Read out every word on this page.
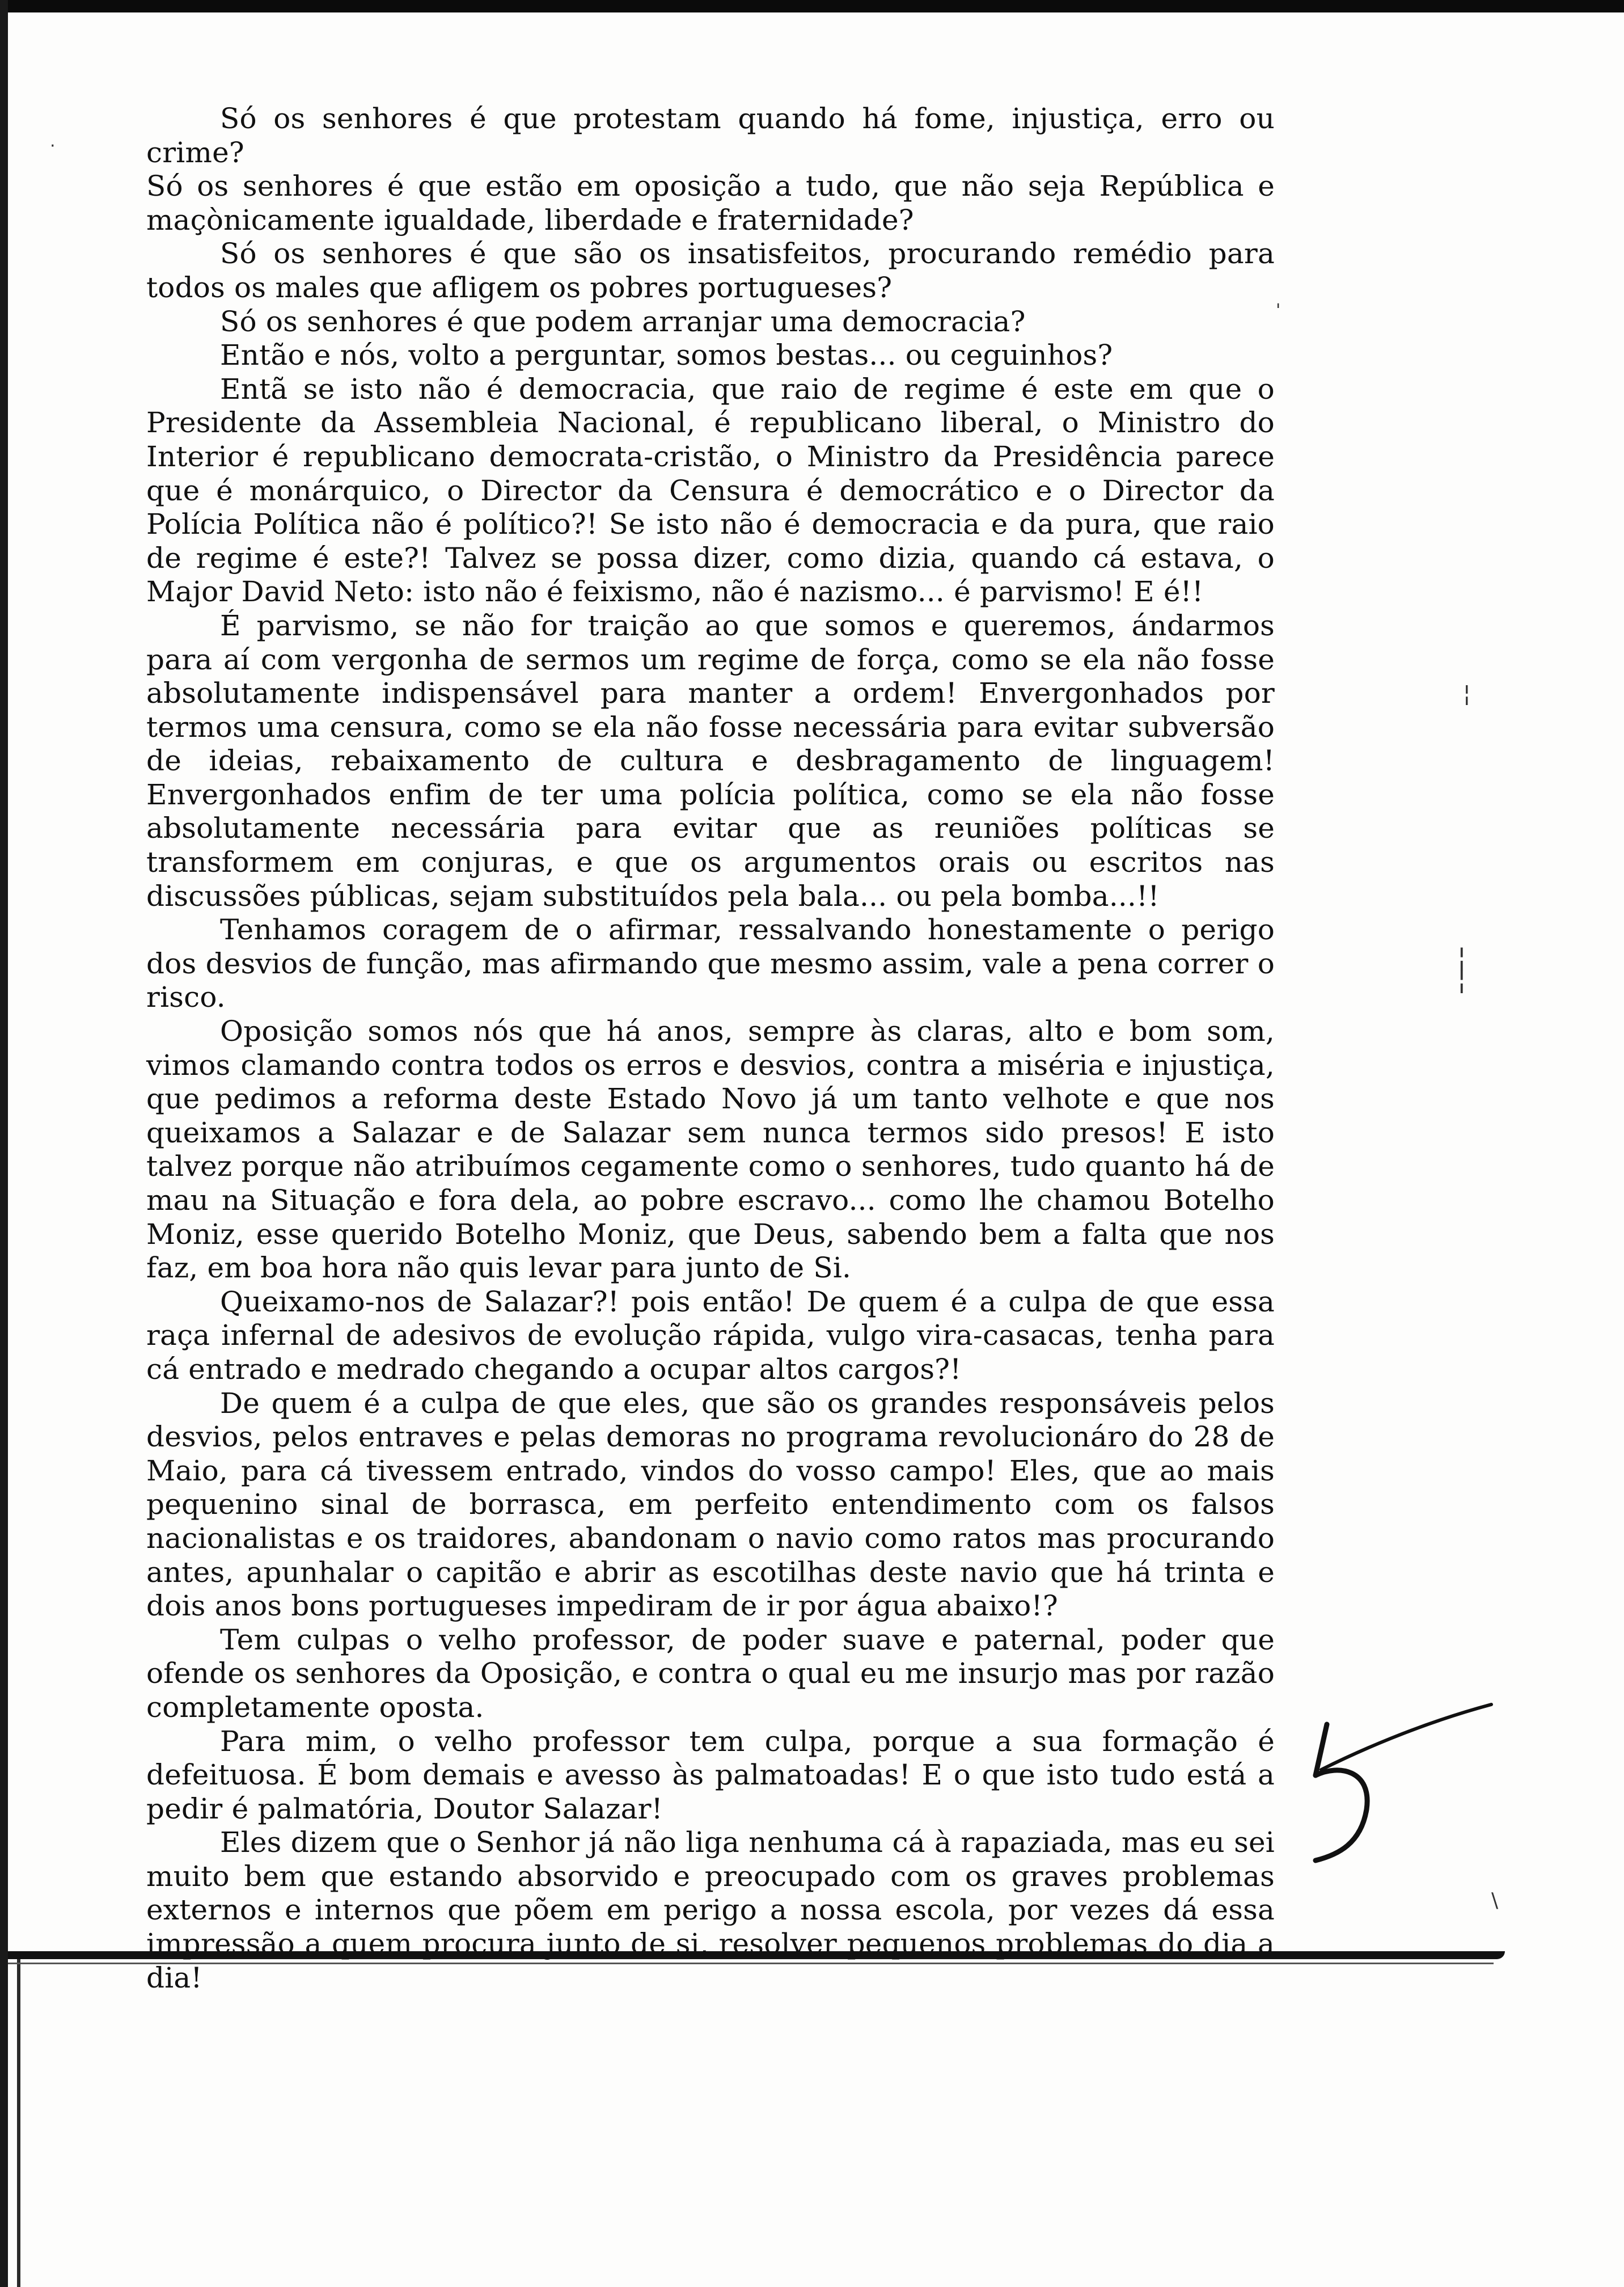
Só os senhores é que protestam quando há fome, injustiça, erro ou crime?

Só os senhores é que estão em oposição a tudo, que não seja República e maçònicamente igualdade, liberdade e fraternidade?

Só os senhores é que são os insatisfeitos, procurando remédio para todos os males que afligem os pobres portugueses?

Só os senhores é que podem arranjar uma democracia?

Então e nós, volto a perguntar, somos bestas... ou ceguinhos?

Entã se isto não é democracia, que raio de regime é este em que o Presidente da Assembleia Nacional, é republicano liberal, o Ministro do Interior é republicano democrata-cristão, o Ministro da Presidência parece que é monárquico, o Director da Censura é democrático e o Director da Polícia Política não é político?! Se isto não é democracia e da pura, que raio de regime é este?! Talvez se possa dizer, como dizia, quando cá estava, o Major David Neto: isto não é feixismo, não é nazismo... é parvismo! E é!!

É parvismo, se não for traição ao que somos e queremos, ándarmos para aí com vergonha de sermos um regime de força, como se ela não fosse absolutamente indispensável para manter a ordem! Envergonhados por termos uma censura, como se ela não fosse necessária para evitar subversão de ideias, rebaixamento de cultura e desbragamento de linguagem! Envergonhados enfim de ter uma polícia política, como se ela não fosse absolutamente necessária para evitar que as reuniões políticas se transformem em conjuras, e que os argumentos orais ou escritos nas discussões públicas, sejam substituídos pela bala... ou pela bomba...!!

Tenhamos coragem de o afirmar, ressalvando honestamente o perigo dos desvios de função, mas afirmando que mesmo assim, vale a pena correr o risco.

Oposição somos nós que há anos, sempre às claras, alto e bom som, vimos clamando contra todos os erros e desvios, contra a miséria e injustiça, que pedimos a reforma deste Estado Novo já um tanto velhote e que nos queixamos a Salazar e de Salazar sem nunca termos sido presos! E isto talvez porque não atribuímos cegamente como o senhores, tudo quanto há de mau na Situação e fora dela, ao pobre escravo... como lhe chamou Botelho Moniz, esse querido Botelho Moniz, que Deus, sabendo bem a falta que nos faz, em boa hora não quis levar para junto de Si.

Queixamo-nos de Salazar?! pois então! De quem é a culpa de que essa raça infernal de adesivos de evolução rápida, vulgo vira-casacas, tenha para cá entrado e medrado chegando a ocupar altos cargos?!

De quem é a culpa de que eles, que são os grandes responsáveis pelos desvios, pelos entraves e pelas demoras no programa revolucionáro do 28 de Maio, para cá tivessem entrado, vindos do vosso campo! Eles, que ao mais pequenino sinal de borrasca, em perfeito entendimento com os falsos nacionalistas e os traidores, abandonam o navio como ratos mas procurando antes, apunhalar o capitão e abrir as escotilhas deste navio que há trinta e dois anos bons portugueses impediram de ir por água abaixo!?

Tem culpas o velho professor, de poder suave e paternal, poder que ofende os senhores da Oposição, e contra o qual eu me insurjo mas por razão completamente oposta.

Para mim, o velho professor tem culpa, porque a sua formação é defeituosa. É bom demais e avesso às palmatoadas! E o que isto tudo está a pedir é palmatória, Doutor Salazar!

Eles dizem que o Senhor já não liga nenhuma cá à rapaziada, mas eu sei muito bem que estando absorvido e preocupado com os graves problemas externos e internos que põem em perigo a nossa escola, por vezes dá essa impressão a quem procura junto de si, resolver pequenos problemas do dia a dia!

·
'
¦
¦
¦
\
